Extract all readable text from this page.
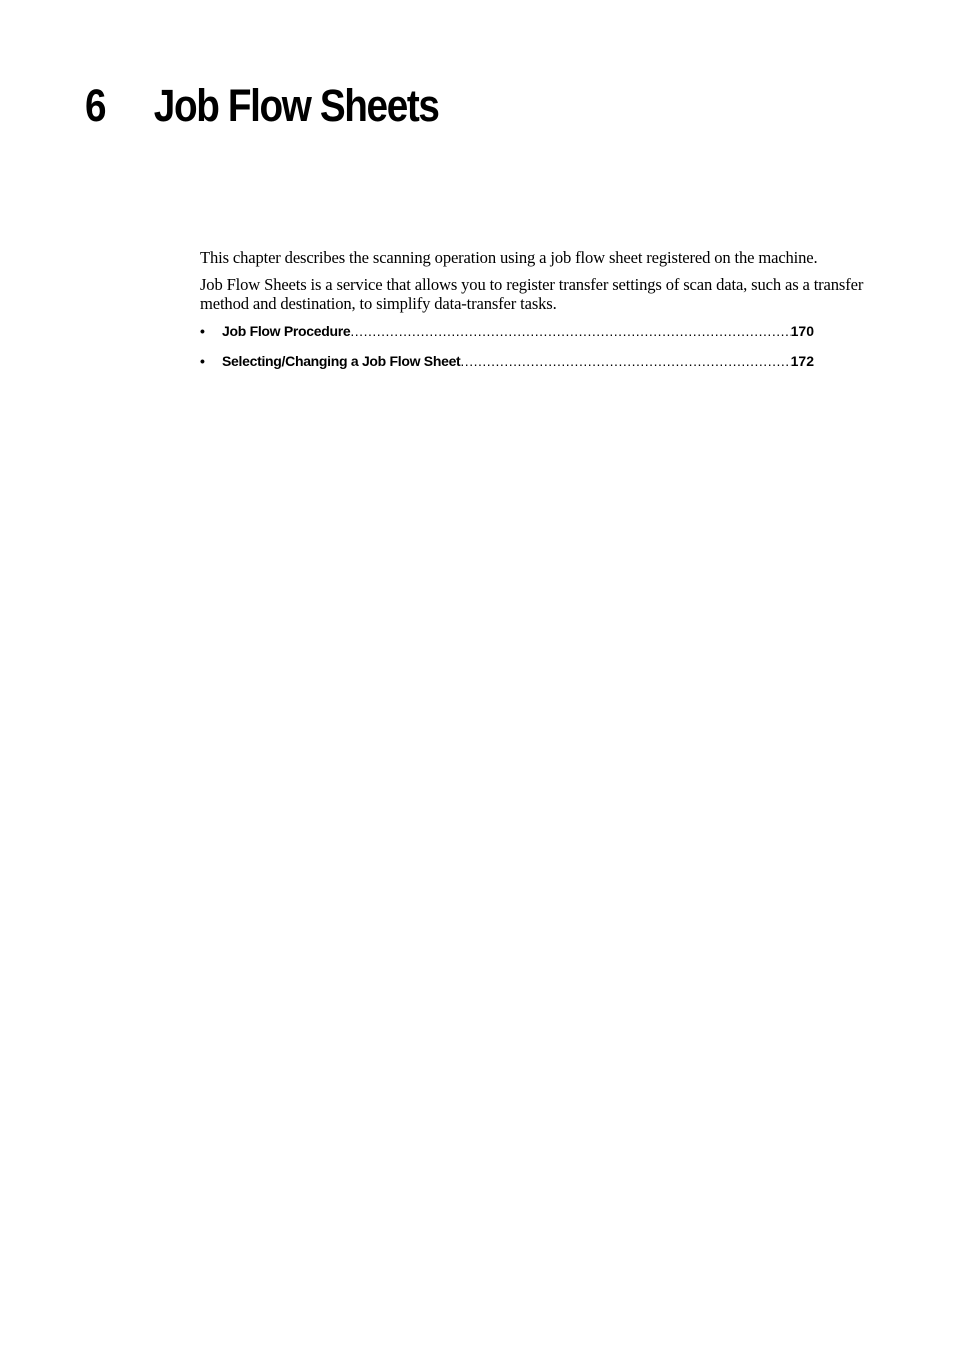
6 Job Flow Sheets

This chapter describes the scanning operation using a job flow sheet registered on the machine.

Job Flow Sheets is a service that allows you to register transfer settings of scan data, such as a transfer method and destination, to simplify data-transfer tasks.

•	Job Flow Procedure .....	170
•	Selecting/Changing a Job Flow Sheet .....	172
